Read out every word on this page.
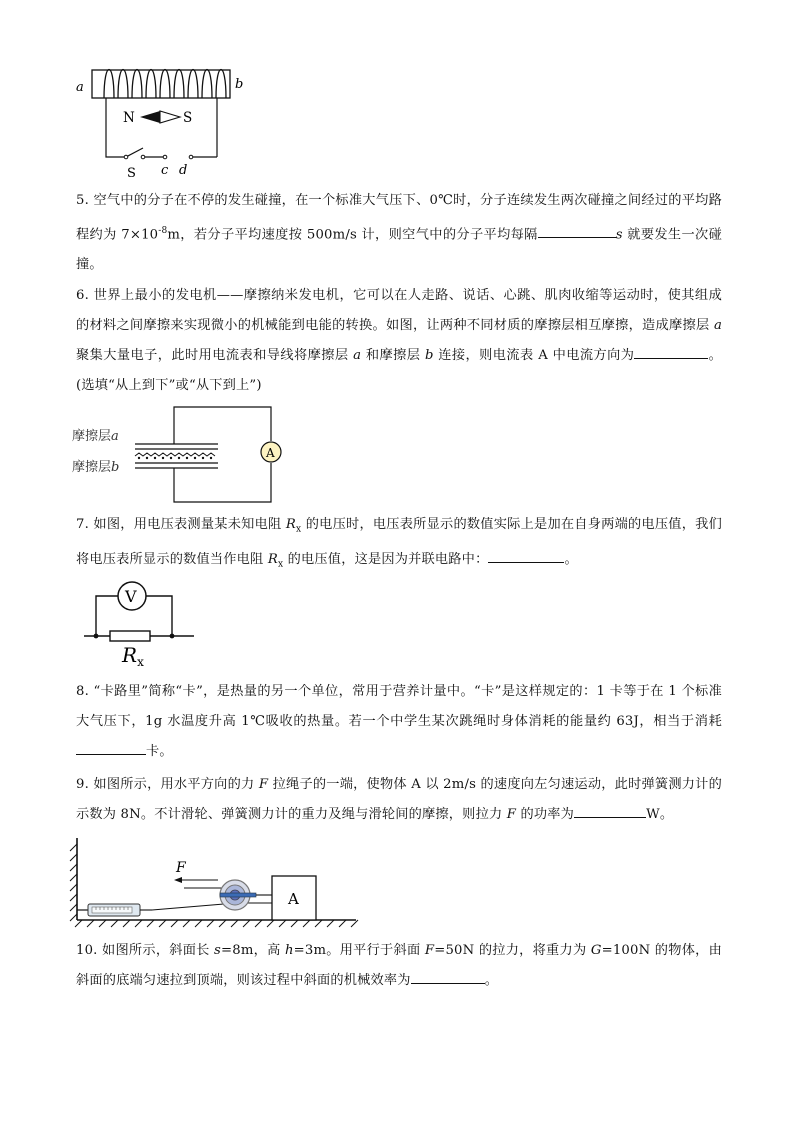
a	b
N	S
S c d
5. 空气中的分子在不停的发生碰撞，在一个标准大气压下、0℃时，分子连续发生两次碰撞之间经过的平均路程约为 $7\times 10^{-8}m$，若分子平均速度按 500m/s 计，则空气中的分子平均每隔	s 就要发生一次碰撞。
6. 世界上最小的发电机——摩擦纳米发电机，它可以在人走路、说话、心跳、肌肉收缩等运动时，使其组成的材料之间摩擦来实现微小的机械能到电能的转换。如图，让两种不同材质的摩擦层相互摩擦，造成摩擦层 a 聚集大量电子，此时用电流表和导线将摩擦层 a 和摩擦层 b 连接，则电流表 A 中电流方向为	。(选填“从上到下”或“从下到上”)
A
摩擦层a
摩擦层b
7. 如图，用电压表测量某未知电阻 $R_x$ 的电压时，电压表所显示的数值实际上是加在自身两端的电压值，我们将电压表所显示的数值当作电阻 $R_x$ 的电压值，这是因为并联电路中：	。
V
$R_x$
8. “卡路里”简称“卡”，是热量的另一个单位，常用于营养计量中。“卡”是这样规定的：1 卡等于在 1 个标准大气压下，1g 水温度升高 1℃吸收的热量。若一个中学生某次跳绳时身体消耗的能量约 63J，相当于消耗卡。
9. 如图所示，用水平方向的力 F 拉绳子的一端，使物体 A 以 2m/s 的速度向左匀速运动，此时弹簧测力计的示数为 8N。不计滑轮、弹簧测力计的重力及绳与滑轮间的摩擦，则拉力 F 的功率为	W。
F
A
10. 如图所示，斜面长 s=8m，高 h=3m。用平行于斜面 F=50N 的拉力，将重力为 G=100N 的物体，由斜面的底端匀速拉到顶端，则该过程中斜面的机械效率为	。
